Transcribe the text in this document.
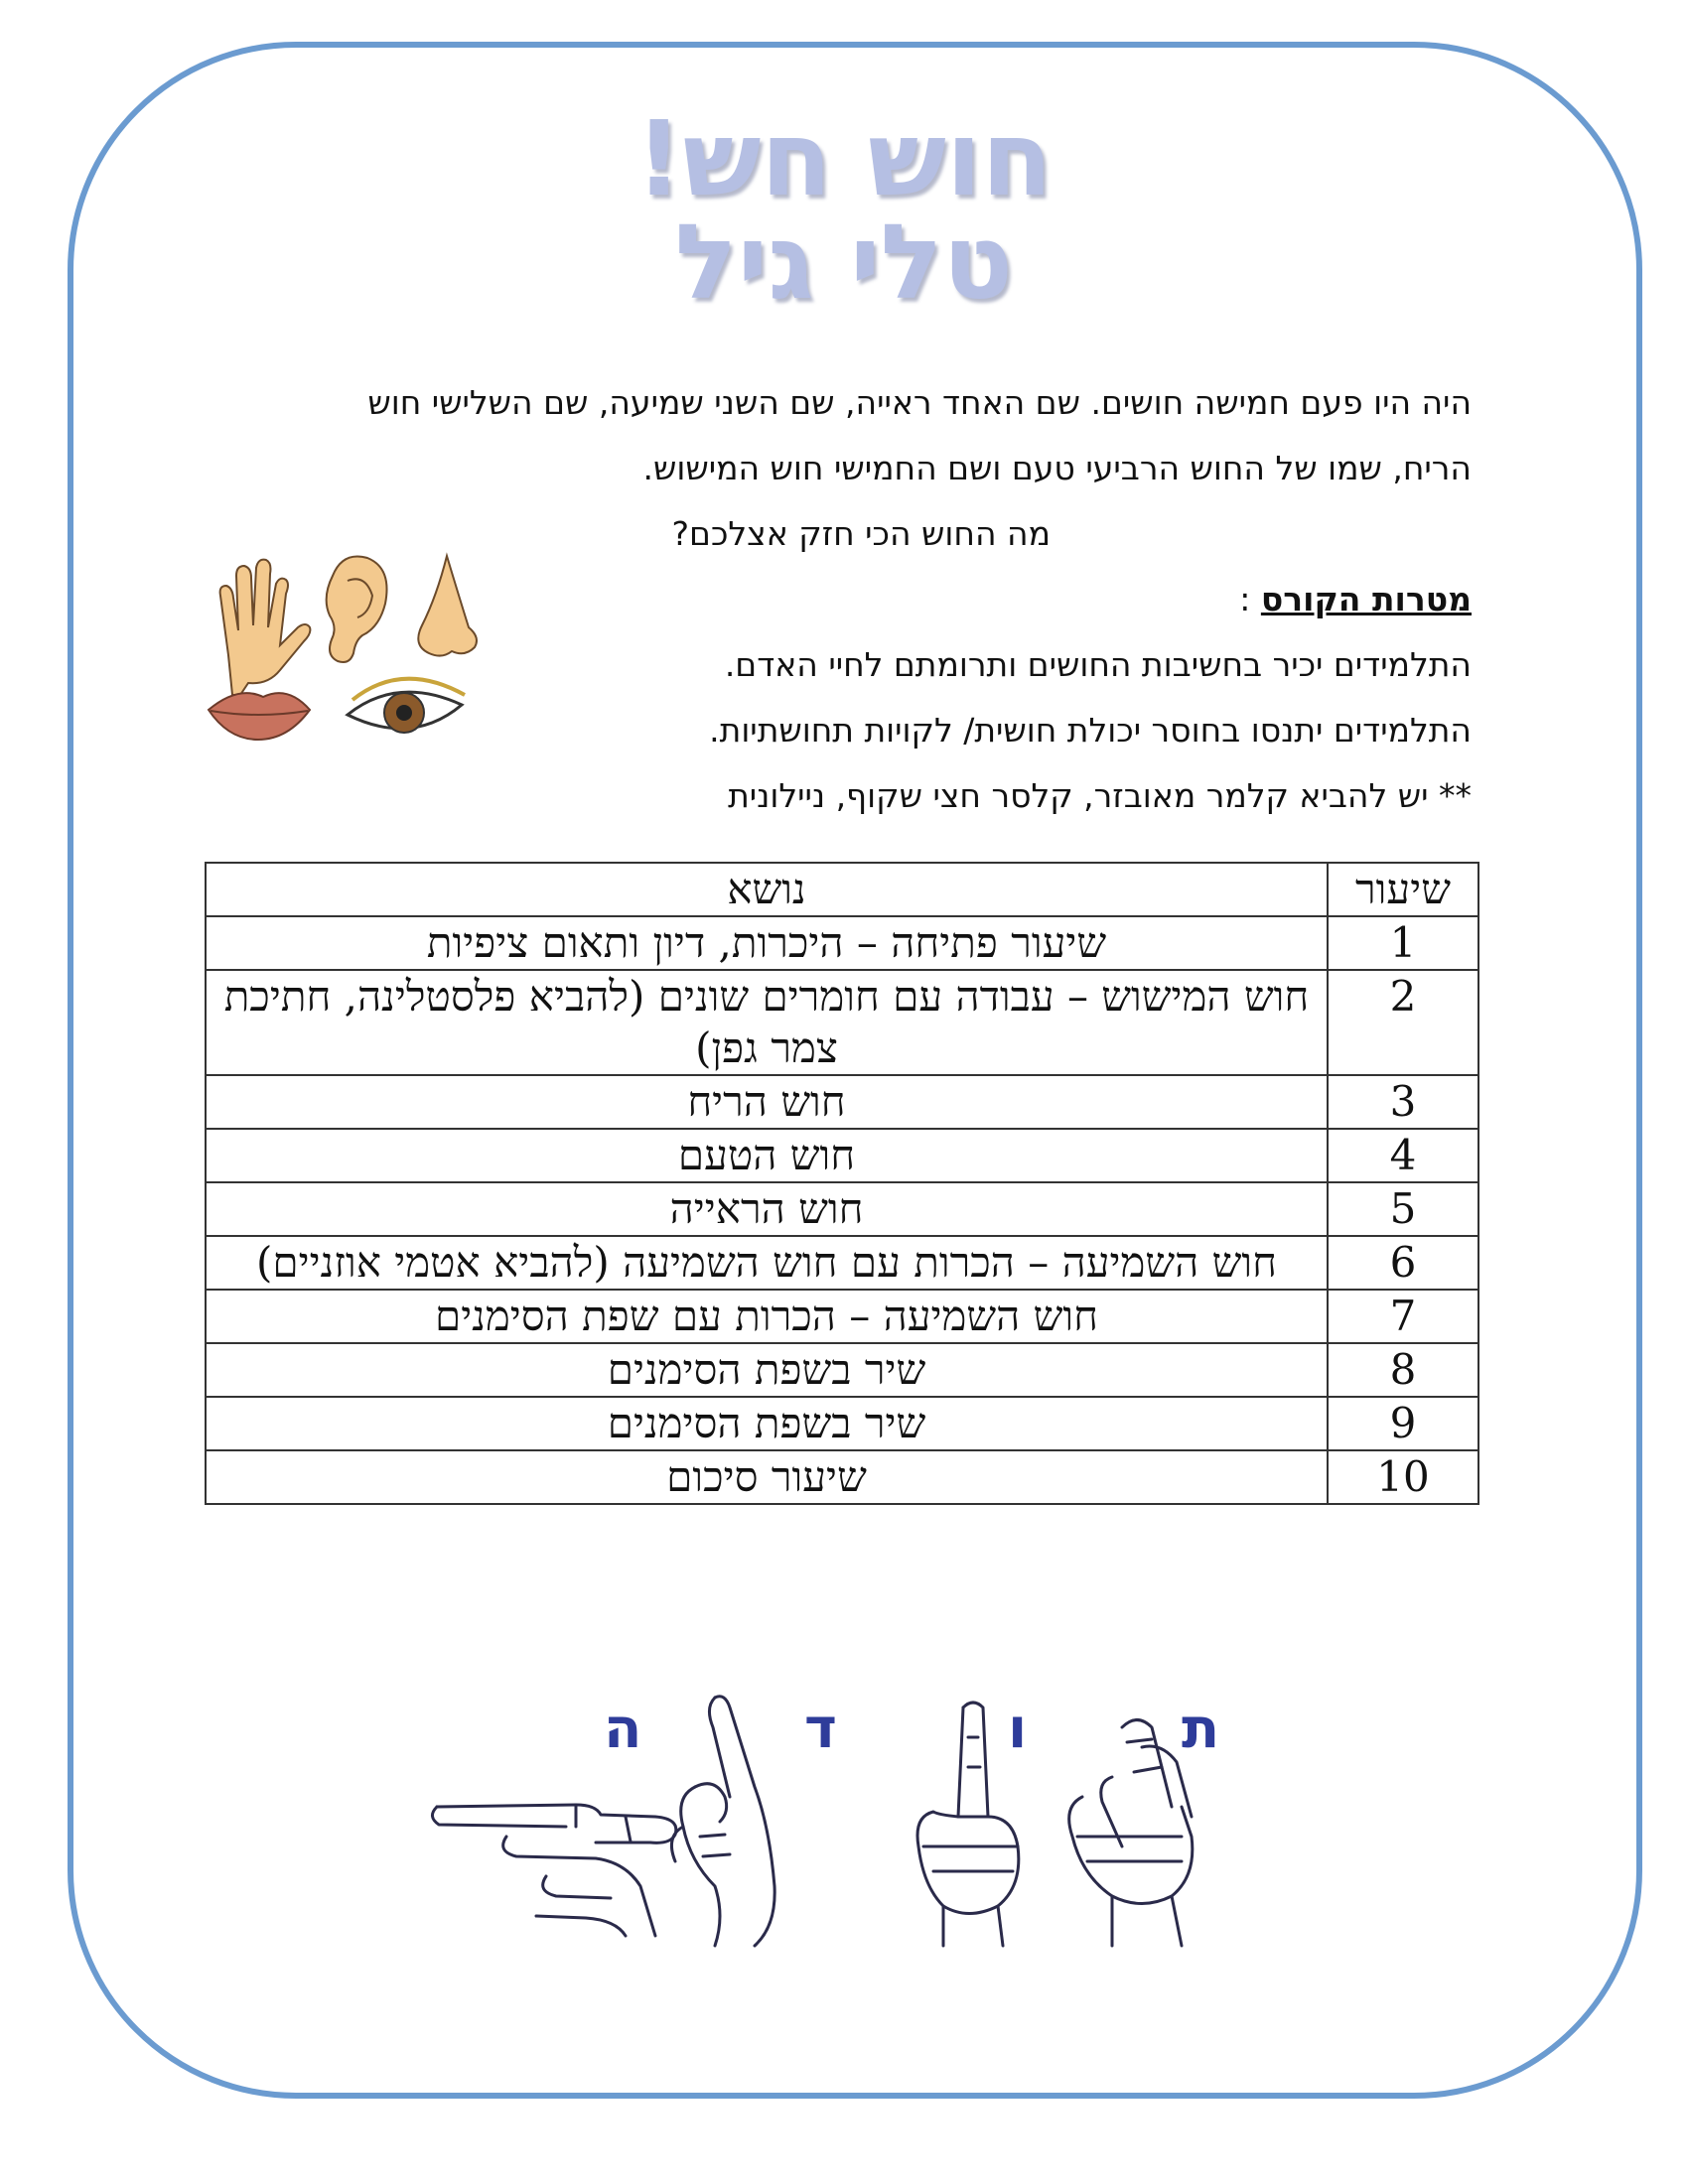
חוש חש!
טלי גיל
היה היו פעם חמישה חושים. שם האחד ראייה, שם השני שמיעה, שם השלישי חוש
הריח, שמו של החוש הרביעי טעם ושם החמישי חוש המישוש.
מה החוש הכי חזק אצלכם?
מטרות הקורס :
התלמידים יכיר בחשיבות החושים ותרומתם לחיי האדם.
התלמידים יתנסו בחוסר יכולת חושית/ לקויות תחושתיות.
** יש להביא קלמר מאובזר, קלסר חצי שקוף, ניילונית
שיעור	נושא
1	שיעור פתיחה – היכרות, דיון ותאום ציפיות
2	חוש המישוש – עבודה עם חומרים שונים (להביא פלסטלינה, חתיכת צמר גפן)
3	חוש הריח
4	חוש הטעם
5	חוש הראייה
6	חוש השמיעה – הכרות עם חוש השמיעה (להביא אטמי אוזניים)
7	חוש השמיעה – הכרות עם שפת הסימנים
8	שיר בשפת הסימנים
9	שיר בשפת הסימנים
10	שיעור סיכום
ת
ו
ד
ה
